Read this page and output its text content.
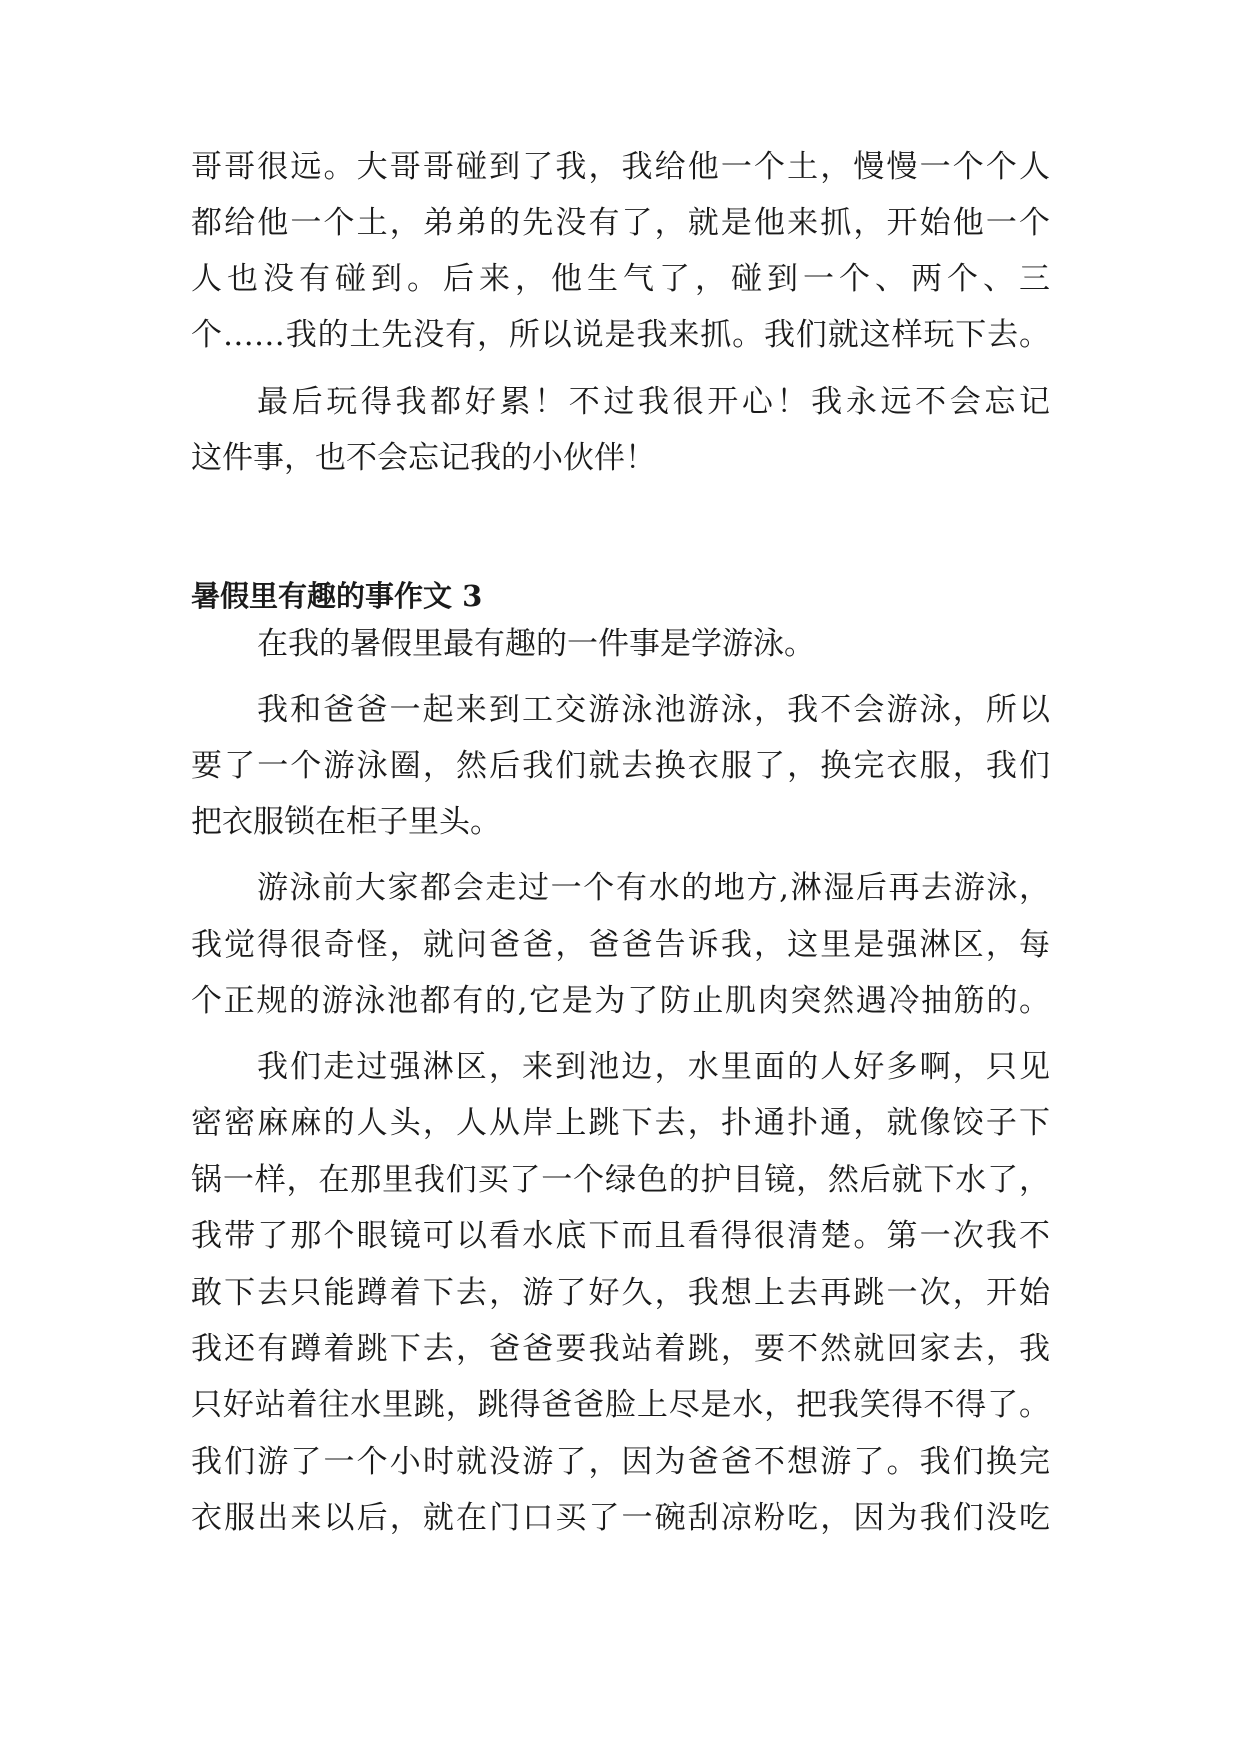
哥哥很远。大哥哥碰到了我，我给他一个土，慢慢一个个人

都给他一个土，弟弟的先没有了，就是他来抓，开始他一个

人也没有碰到。后来，他生气了，碰到一个、两个、三

个……我的土先没有，所以说是我来抓。我们就这样玩下去。

最后玩得我都好累！不过我很开心！我永远不会忘记

这件事，也不会忘记我的小伙伴！

暑假里有趣的事作文 3

在我的暑假里最有趣的一件事是学游泳。

我和爸爸一起来到工交游泳池游泳，我不会游泳，所以

要了一个游泳圈，然后我们就去换衣服了，换完衣服，我们

把衣服锁在柜子里头。

游泳前大家都会走过一个有水的地方,淋湿后再去游泳，

我觉得很奇怪，就问爸爸，爸爸告诉我，这里是强淋区，每

个正规的游泳池都有的,它是为了防止肌肉突然遇冷抽筋的。

我们走过强淋区，来到池边，水里面的人好多啊，只见

密密麻麻的人头，人从岸上跳下去，扑通扑通，就像饺子下

锅一样，在那里我们买了一个绿色的护目镜，然后就下水了，

我带了那个眼镜可以看水底下而且看得很清楚。第一次我不

敢下去只能蹲着下去，游了好久，我想上去再跳一次，开始

我还有蹲着跳下去，爸爸要我站着跳，要不然就回家去，我

只好站着往水里跳，跳得爸爸脸上尽是水，把我笑得不得了。

我们游了一个小时就没游了，因为爸爸不想游了。我们换完

衣服出来以后，就在门口买了一碗刮凉粉吃，因为我们没吃
